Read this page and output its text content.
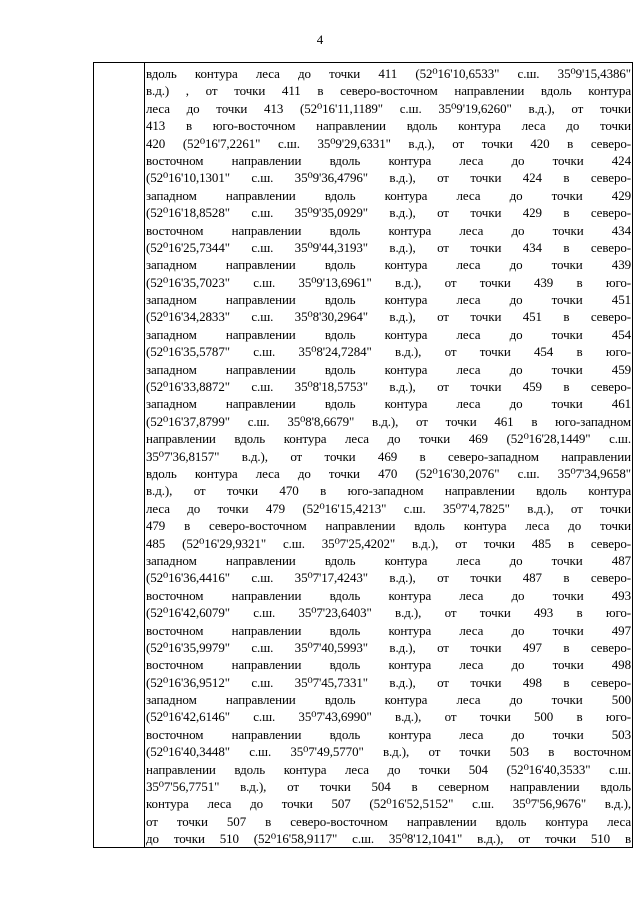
4
вдоль контура леса до точки 411 (52⁰16'10,6533" с.ш. 35⁰9'15,4386"
в.д.) , от точки 411 в северо-восточном направлении вдоль контура
леса до точки 413 (52⁰16'11,1189" с.ш. 35⁰9'19,6260" в.д.), от точки
413 в юго-восточном направлении вдоль контура леса до точки
420 (52⁰16'7,2261" с.ш. 35⁰9'29,6331" в.д.), от точки 420 в северо-
восточном направлении вдоль контура леса до точки 424
(52⁰16'10,1301" с.ш. 35⁰9'36,4796" в.д.), от точки 424 в северо-
западном направлении вдоль контура леса до точки 429
(52⁰16'18,8528" с.ш. 35⁰9'35,0929" в.д.), от точки 429 в северо-
восточном направлении вдоль контура леса до точки 434
(52⁰16'25,7344" с.ш. 35⁰9'44,3193" в.д.), от точки 434 в северо-
западном направлении вдоль контура леса до точки 439
(52⁰16'35,7023" с.ш. 35⁰9'13,6961" в.д.), от точки 439 в юго-
западном направлении вдоль контура леса до точки 451
(52⁰16'34,2833" с.ш. 35⁰8'30,2964" в.д.), от точки 451 в северо-
западном направлении вдоль контура леса до точки 454
(52⁰16'35,5787" с.ш. 35⁰8'24,7284" в.д.), от точки 454 в юго-
западном направлении вдоль контура леса до точки 459
(52⁰16'33,8872" с.ш. 35⁰8'18,5753" в.д.), от точки 459 в северо-
западном направлении вдоль контура леса до точки 461
(52⁰16'37,8799" с.ш. 35⁰8'8,6679" в.д.), от точки 461 в юго-западном
направлении вдоль контура леса до точки 469 (52⁰16'28,1449" с.ш.
35⁰7'36,8157" в.д.), от точки 469 в северо-западном направлении
вдоль контура леса до точки 470 (52⁰16'30,2076" с.ш. 35⁰7'34,9658"
в.д.), от точки 470 в юго-западном направлении вдоль контура
леса до точки 479 (52⁰16'15,4213" с.ш. 35⁰7'4,7825" в.д.), от точки
479 в северо-восточном направлении вдоль контура леса до точки
485 (52⁰16'29,9321" с.ш. 35⁰7'25,4202" в.д.), от точки 485 в северо-
западном направлении вдоль контура леса до точки 487
(52⁰16'36,4416" с.ш. 35⁰7'17,4243" в.д.), от точки 487 в северо-
восточном направлении вдоль контура леса до точки 493
(52⁰16'42,6079" с.ш. 35⁰7'23,6403" в.д.), от точки 493 в юго-
восточном направлении вдоль контура леса до точки 497
(52⁰16'35,9979" с.ш. 35⁰7'40,5993" в.д.), от точки 497 в северо-
восточном направлении вдоль контура леса до точки 498
(52⁰16'36,9512" с.ш. 35⁰7'45,7331" в.д.), от точки 498 в северо-
западном направлении вдоль контура леса до точки 500
(52⁰16'42,6146" с.ш. 35⁰7'43,6990" в.д.), от точки 500 в юго-
восточном направлении вдоль контура леса до точки 503
(52⁰16'40,3448" с.ш. 35⁰7'49,5770" в.д.), от точки 503 в восточном
направлении вдоль контура леса до точки 504 (52⁰16'40,3533" с.ш.
35⁰7'56,7751" в.д.), от точки 504 в северном направлении вдоль
контура леса до точки 507 (52⁰16'52,5152" с.ш. 35⁰7'56,9676" в.д.),
от точки 507 в северо-восточном направлении вдоль контура леса
до точки 510 (52⁰16'58,9117" с.ш. 35⁰8'12,1041" в.д.), от точки 510 в
